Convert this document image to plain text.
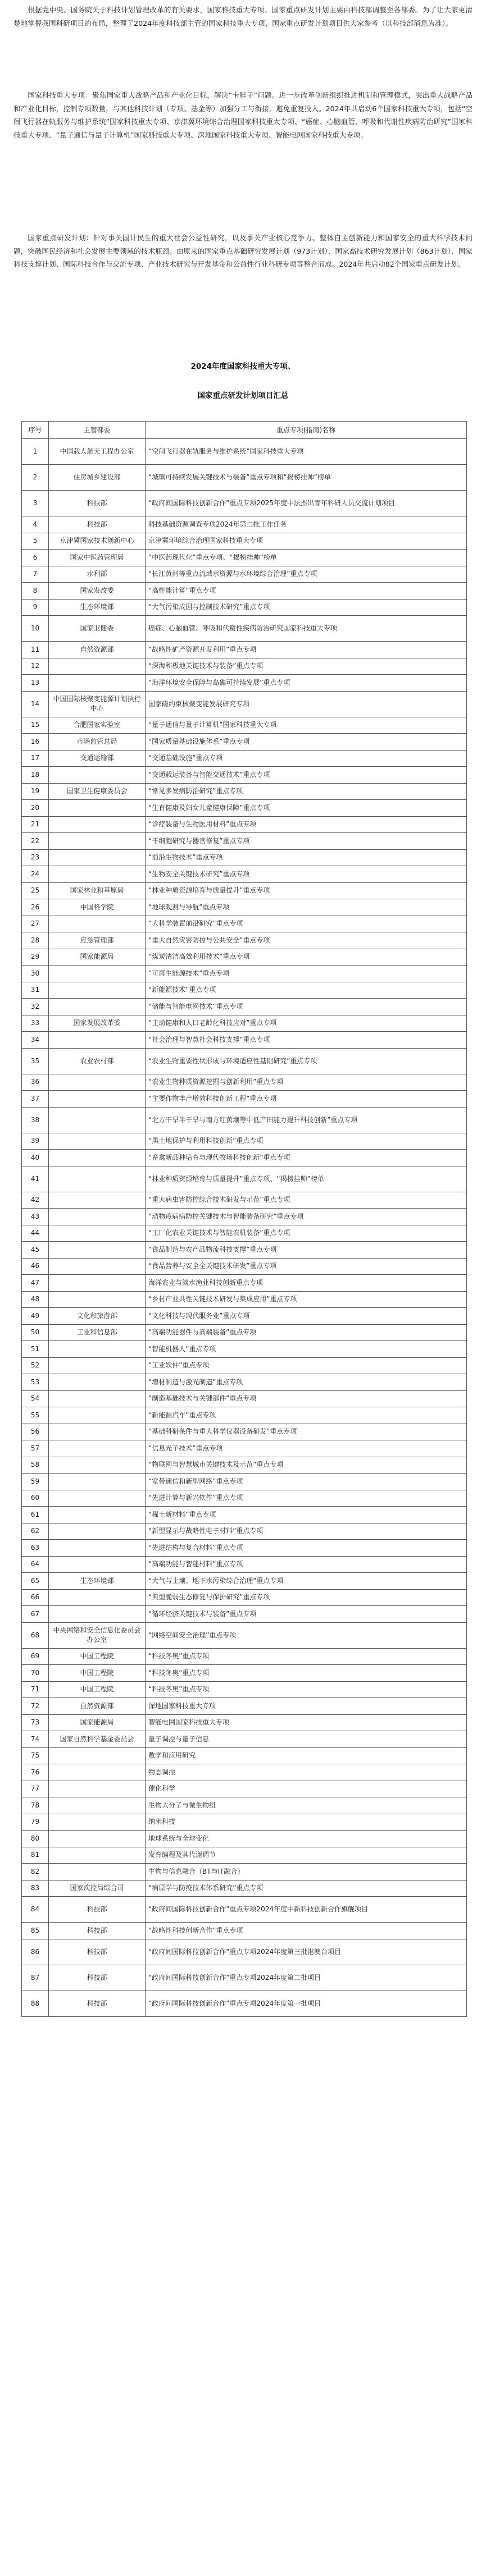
根据党中央、国务院关于科技计划管理改革的有关要求，国家科技重大专项、国家重点研发计划主要由科技部调整至各部委。为了让大家更清楚地掌握我国科研项目的布局，整理了2024年度科技部主管的国家科技重大专项、国家重点研发计划项目供大家参考（以科技部消息为准）。

国家科技重大专项：聚焦国家重大战略产品和产业化目标，解决“卡脖子”问题。进一步改革创新组织推进机制和管理模式，突出重大战略产品和产业化目标，控制专项数量，与其他科技计划（专项、基金等）加强分工与衔接，避免重复投入。2024年共启动6个国家科技重大专项，包括“空间飞行器在轨服务与维护系统”国家科技重大专项、京津冀环境综合治理国家科技重大专项、“癌症、心脑血管、呼吸和代谢性疾病防治研究”国家科技重大专项、“量子通信与量子计算机”国家科技重大专项、深地国家科技重大专项、智能电网国家科技重大专项。

国家重点研发计划：针对事关国计民生的重大社会公益性研究，以及事关产业核心竞争力、整体自主创新能力和国家安全的重大科学技术问题，突破国民经济和社会发展主要领域的技术瓶颈。由原来的国家重点基础研究发展计划（973计划）、国家高技术研究发展计划（863计划）、国家科技支撑计划、国际科技合作与交流专项、产业技术研究与开发基金和公益性行业科研专项等整合而成。2024年共启动82个国家重点研发计划。

2024年度国家科技重大专项、

国家重点研发计划项目汇总

序号	主管部委	重点专项(指南)名称
1	中国载人航天工程办公室	“空间飞行器在轨服务与维护系统”国家科技重大专项
2	住房城乡建设部	“城镇可持续发展关键技术与装备”重点专项和“揭榜挂帅”榜单
3	科技部	“政府间国际科技创新合作”重点专项2025年度中法杰出青年科研人员交流计划项目
4	科技部	科技基础资源调查专项2024年第二批工作任务
5	京津冀国家技术创新中心	京津冀环境综合治理国家科技重大专项
6	国家中医药管理局	“中医药现代化”重点专项、“揭榜挂帅”榜单
7	水利部	“长江黄河等重点流域水资源与水环境综合治理”重点专项
8	国家发改委	“高性能计算”重点专项
9	生态环境部	“大气污染成因与控制技术研究”重点专项
10	国家卫健委	癌症、心脑血管、呼吸和代谢性疾病防治研究国家科技重大专项
11	自然资源部	“战略性矿产资源开发利用”重点专项
12		“深海和极地关键技术与装备”重点专项
13		“海洋环境安全保障与岛礁可持续发展”重点专项
14	中国国际核聚变能源计划执行中心	国家磁约束核聚变能发展研究专项
15	合肥国家实验室	“量子通信与量子计算机”国家科技重大专项
16	市场监管总局	“国家质量基础设施体系”重点专项
17	交通运输部	“交通基础设施”重点专项
18		“交通载运装备与智能交通技术”重点专项
19	国家卫生健康委员会	“常见多发病防治研究”重点专项
20		“生育健康及妇女儿童健康保障”重点专项
21		“诊疗装备与生物医用材料”重点专项
22		“干细胞研究与器官修复”重点专项
23		“前沿生物技术”重点专项
24		“生物安全关键技术研究”重点专项
25	国家林业和草原局	“林业种质资源培育与质量提升”重点专项
26	中国科学院	“地球观测与导航”重点专项
27		“大科学装置前沿研究”重点专项
28	应急管理部	“重大自然灾害防控与公共安全”重点专项
29	国家能源局	“煤炭清洁高效利用技术”重点专项
30		“可再生能源技术”重点专项
31		“新能源技术”重点专项
32		“储能与智能电网技术”重点专项
33	国家发展改革委	“主动健康和人口老龄化科技应对”重点专项
34		“社会治理与智慧社会科技支撑”重点专项
35	农业农村部	“农业生物重要性状形成与环境适应性基础研究”重点专项
36		“农业生物种质资源挖掘与创新利用”重点专项
37		“主要作物丰产增效科技创新工程”重点专项
38		“北方干旱半干旱与南方红黄壤等中低产田能力提升科技创新”重点专项
39		“黑土地保护与利用科技创新”重点专项
40		“畜禽新品种培育与现代牧场科技创新”重点专项
41		“林业种质资源培育与质量提升”重点专项、“揭榜挂帅”榜单
42		“重大病虫害防控综合技术研发与示范”重点专项
43		“动物疫病病防控关键技术与智能装备研究”重点专项
44		“工厂化农业关键技术与智能农机装备”重点专项
45		“食品制造与农产品物流科技支撑”重点专项
46		“食品营养与安全全关键技术研发”重点专项
47		海洋农业与淡水渔业科技创新重点专项
48		“乡村产业共性关键技术研发与集成应用”重点专项
49	文化和旅游部	“文化科技与现代服务业”重点专项
50	工业和信息部	“高端功能器件与高端装备”重点专项
51		“智能机器人”重点专项
52		“工业软件”重点专项
53		“增材制造与激光制造”重点专项
54		“制造基础技术与关键部件”重点专项
55		“新能源汽车”重点专项
56		“基础科研条件与重大科学仪器设备研发”重点专项
57		“信息光子技术”重点专项
58		“物联网与智慧城市关键技术及示范”重点专项
59		“宽带通信和新型网络”重点专项
60		“先进计算与新兴软件”重点专项
61		“稀土新材料”重点专项
62		“新型显示与战略性电子材料”重点专项
63		“先进结构与复合材料”重点专项
64		“高端功能与智能材料”重点专项
65	生态环境部	“大气与土壤、地下水污染综合治理”重点专项
66		“典型脆弱生态修复与保护研究”重点专项
67		“循环经济关键技术与装备”重点专项
68	中央网络和安全信息化委员会办公室	“网络空间安全治理”重点专项
69	中国工程院	“科技冬奥”重点专项
70	中国工程院	“科技冬奥”重点专项
71	中国工程院	“科技冬奥”重点专项
72	自然资源部	深地国家科技重大专项
73	国家能源局	智能电网国家科技重大专项
74	国家自然科学基金委员会	量子调控与量子信息
75		数学和应用研究
76		物态调控
77		催化科学
78		生物大分子与微生物组
79		纳米科技
80		地球系统与全球变化
81		发育编程及其代谢调节
82		生物与信息融合（BT与IT融合）
83	国家疾控局综合司	“病原学与防疫技术体系研究”重点专项
84	科技部	“政府间国际科技创新合作”重点专项2024年度中新科技创新合作旗舰项目
85	科技部	“战略性科技创新合作”重点专项
86	科技部	“政府间国际科技创新合作”重点专项2024年度第三批港澳台项目
87	科技部	“政府间国际科技创新合作”重点专项2024年度第二批项目
88	科技部	“政府间国际科技创新合作”重点专项2024年度第一批项目
